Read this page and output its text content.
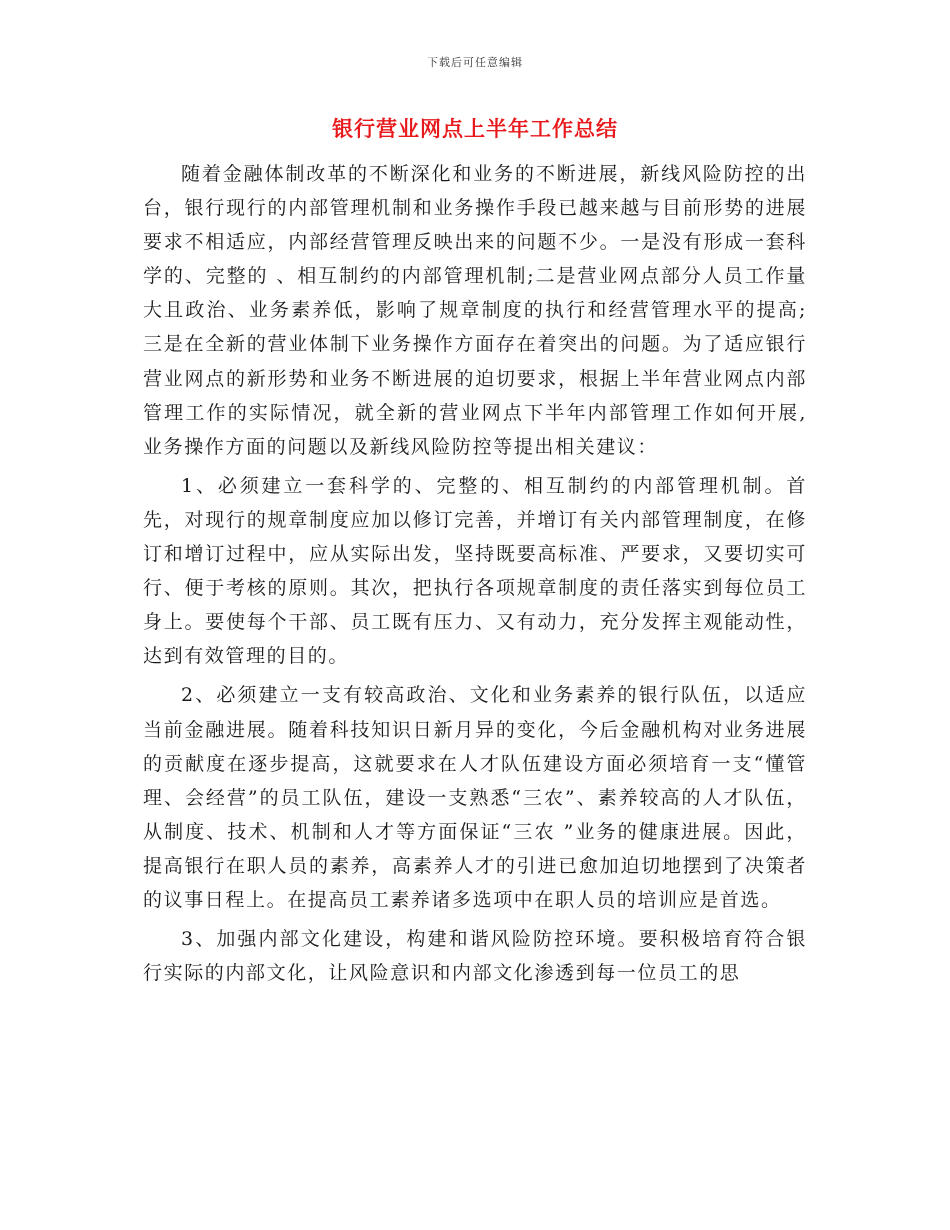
下载后可任意编辑
银行营业网点上半年工作总结

随着金融体制改革的不断深化和业务的不断进展，新线风险防控的出台，银行现行的内部管理机制和业务操作手段已越来越与目前形势的进展要求不相适应，内部经营管理反映出来的问题不少。一是没有形成一套科学的、完整的 、相互制约的内部管理机制;二是营业网点部分人员工作量大且政治、业务素养低，影响了规章制度的执行和经营管理水平的提高;三是在全新的营业体制下业务操作方面存在着突出的问题。为了适应银行营业网点的新形势和业务不断进展的迫切要求，根据上半年营业网点内部管理工作的实际情况，就全新的营业网点下半年内部管理工作如何开展,业务操作方面的问题以及新线风险防控等提出相关建议：

1、必须建立一套科学的、完整的、相互制约的内部管理机制。首先，对现行的规章制度应加以修订完善，并增订有关内部管理制度，在修订和增订过程中，应从实际出发，坚持既要高标准、严要求，又要切实可行、便于考核的原则。其次，把执行各项规章制度的责任落实到每位员工身上。要使每个干部、员工既有压力、又有动力，充分发挥主观能动性，达到有效管理的目的。

2、必须建立一支有较高政治、文化和业务素养的银行队伍，以适应当前金融进展。随着科技知识日新月异的变化，今后金融机构对业务进展的贡献度在逐步提高，这就要求在人才队伍建设方面必须培育一支“懂管理、会经营”的员工队伍，建设一支熟悉“三农”、素养较高的人才队伍，从制度、技术、机制和人才等方面保证“三农 ”业务的健康进展。因此，提高银行在职人员的素养，高素养人才的引进已愈加迫切地摆到了决策者的议事日程上。在提高员工素养诸多选项中在职人员的培训应是首选。

3、加强内部文化建设，构建和谐风险防控环境。要积极培育符合银行实际的内部文化，让风险意识和内部文化渗透到每一位员工的思
